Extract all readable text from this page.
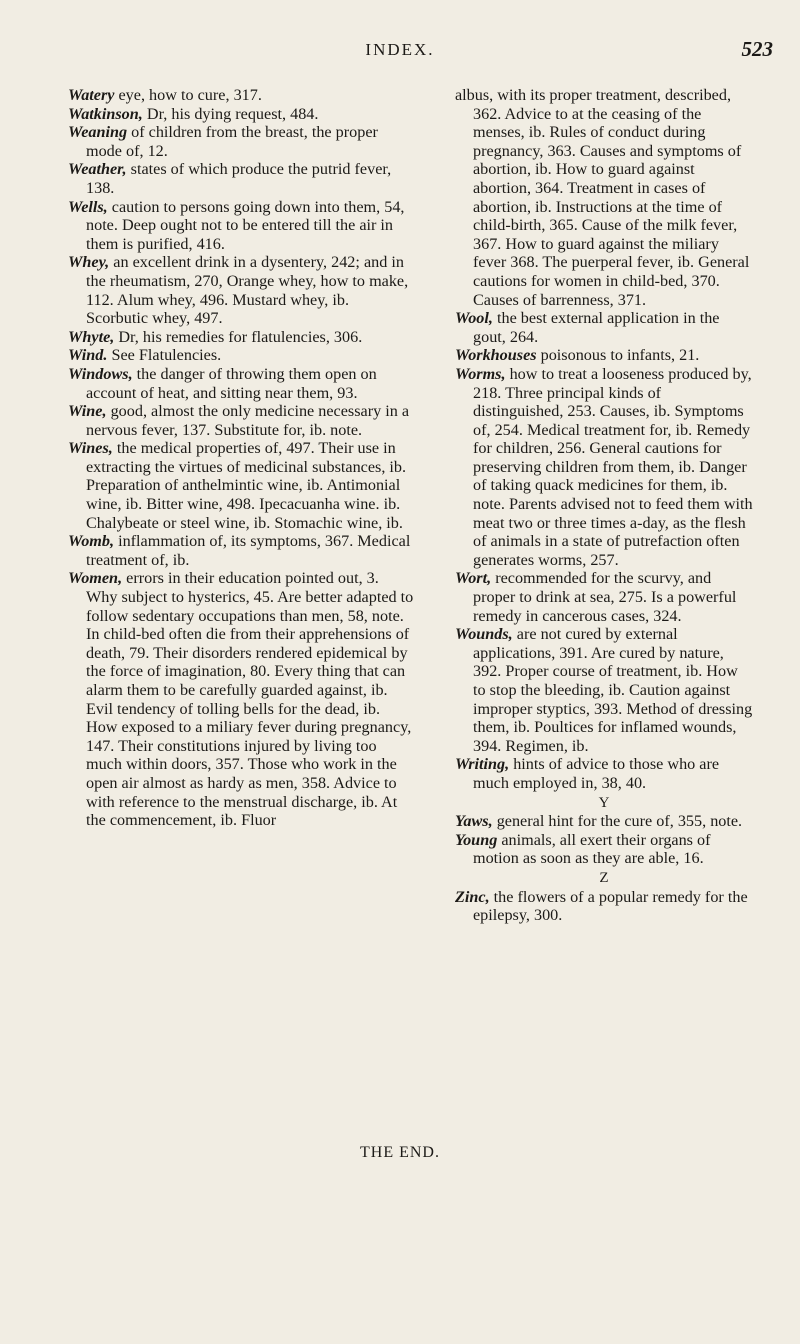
INDEX.	523

Watery eye, how to cure, 317.

Watkinson, Dr, his dying request, 484.

Weaning of children from the breast, the proper mode of, 12.

Weather, states of which produce the putrid fever, 138.

Wells, caution to persons going down into them, 54, note. Deep ought not to be entered till the air in them is purified, 416.

Whey, an excellent drink in a dysentery, 242; and in the rheumatism, 270, Orange whey, how to make, 112. Alum whey, 496. Mustard whey, ib. Scorbutic whey, 497.

Whyte, Dr, his remedies for flatulencies, 306.

Wind. See Flatulencies.

Windows, the danger of throwing them open on account of heat, and sitting near them, 93.

Wine, good, almost the only medicine necessary in a nervous fever, 137. Substitute for, ib. note.

Wines, the medical properties of, 497. Their use in extracting the virtues of medicinal substances, ib. Preparation of anthelmintic wine, ib. Antimonial wine, ib. Bitter wine, 498. Ipecacuanha wine. ib. Chalybeate or steel wine, ib. Stomachic wine, ib.

Womb, inflammation of, its symptoms, 367. Medical treatment of, ib.

Women, errors in their education pointed out, 3. Why subject to hysterics, 45. Are better adapted to follow sedentary occupations than men, 58, note. In child-bed often die from their apprehensions of death, 79. Their disorders rendered epidemical by the force of imagination, 80. Every thing that can alarm them to be carefully guarded against, ib. Evil tendency of tolling bells for the dead, ib. How exposed to a miliary fever during pregnancy, 147. Their constitutions injured by living too much within doors, 357. Those who work in the open air almost as hardy as men, 358. Advice to with reference to the menstrual discharge, ib. At the commencement, ib. Fluor

albus, with its proper treatment, described, 362. Advice to at the ceasing of the menses, ib. Rules of conduct during pregnancy, 363. Causes and symptoms of abortion, ib. How to guard against abortion, 364. Treatment in cases of abortion, ib. Instructions at the time of child-birth, 365. Cause of the milk fever, 367. How to guard against the miliary fever 368. The puerperal fever, ib. General cautions for women in child-bed, 370. Causes of barrenness, 371.

Wool, the best external application in the gout, 264.

Workhouses poisonous to infants, 21.

Worms, how to treat a looseness produced by, 218. Three principal kinds of distinguished, 253. Causes, ib. Symptoms of, 254. Medical treatment for, ib. Remedy for children, 256. General cautions for preserving children from them, ib. Danger of taking quack medicines for them, ib. note. Parents advised not to feed them with meat two or three times a-day, as the flesh of animals in a state of putrefaction often generates worms, 257.

Wort, recommended for the scurvy, and proper to drink at sea, 275. Is a powerful remedy in cancerous cases, 324.

Wounds, are not cured by external applications, 391. Are cured by nature, 392. Proper course of treatment, ib. How to stop the bleeding, ib. Caution against improper styptics, 393. Method of dressing them, ib. Poultices for inflamed wounds, 394. Regimen, ib.

Writing, hints of advice to those who are much employed in, 38, 40.

Y

Yaws, general hint for the cure of, 355, note.

Young animals, all exert their organs of motion as soon as they are able, 16.

Z

Zinc, the flowers of a popular remedy for the epilepsy, 300.

THE END.
